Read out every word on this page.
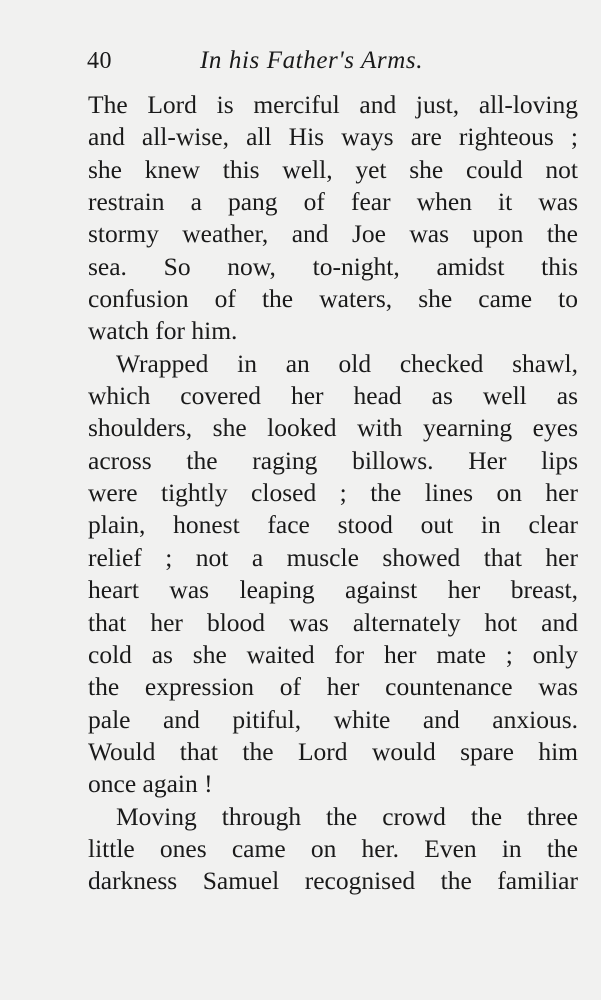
40	In his Father's Arms.
The Lord is merciful and just, all-loving
and all-wise, all His ways are righteous ;
she knew this well, yet she could not
restrain a pang of fear when it was
stormy weather, and Joe was upon the
sea. So now, to-night, amidst this
confusion of the waters, she came to
watch for him.
Wrapped in an old checked shawl,
which covered her head as well as
shoulders, she looked with yearning eyes
across the raging billows. Her lips
were tightly closed ; the lines on her
plain, honest face stood out in clear
relief ; not a muscle showed that her
heart was leaping against her breast,
that her blood was alternately hot and
cold as she waited for her mate ; only
the expression of her countenance was
pale and pitiful, white and anxious.
Would that the Lord would spare him
once again !
Moving through the crowd the three
little ones came on her. Even in the
darkness Samuel recognised the familiar
